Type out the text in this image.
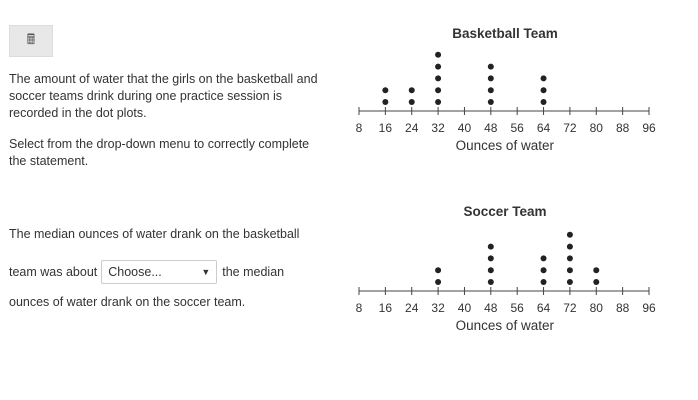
🖩

The amount of water that the girls on the basketball and soccer teams drink during one practice session is recorded in the dot plots.

Select from the drop-down menu to correctly complete the statement.

The median ounces of water drank on the basketball

team was about Choose...	▼ the median

ounces of water drank on the soccer team.

Basketball Team
8 16 24 32 40 48 56 64 72 80 88 96
Ounces of water
Soccer Team
8 16 24 32 40 48 56 64 72 80 88 96
Ounces of water
